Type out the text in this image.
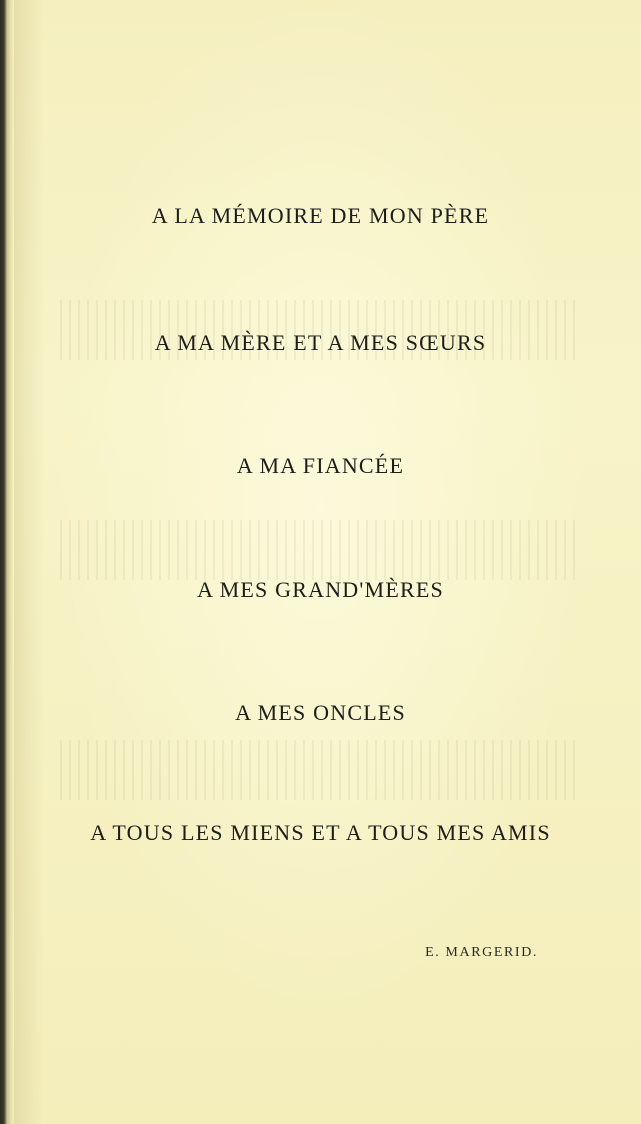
A LA MÉMOIRE DE MON PÈRE

A MA MÈRE ET A MES SŒURS

A MA FIANCÉE

A MES GRAND'MÈRES

A MES ONCLES

A TOUS LES MIENS ET A TOUS MES AMIS

E. MARGERID.
